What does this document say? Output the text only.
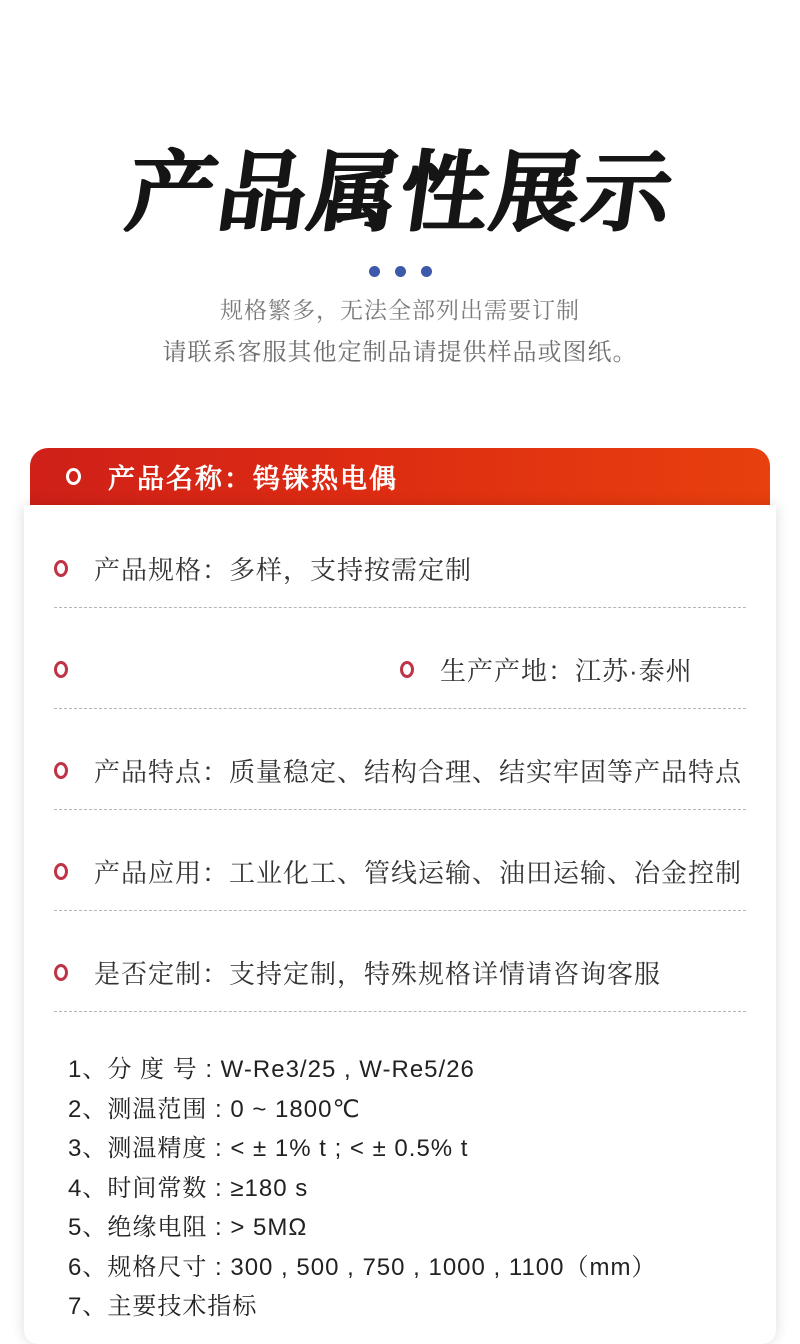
产品属性展示
规格繁多，无法全部列出需要订制
请联系客服其他定制品请提供样品或图纸。
产品名称：钨铼热电偶
产品规格：多样，支持按需定制
生产产地：江苏·泰州
产品特点：质量稳定、结构合理、结实牢固等产品特点
产品应用：工业化工、管线运输、油田运输、冶金控制
是否定制：支持定制，特殊规格详情请咨询客服
1、分 度 号 : W-Re3/25 , W-Re5/26
2、测温范围 : 0 ~ 1800℃
3、测温精度 : < ± 1% t ; < ± 0.5% t
4、时间常数 : ≥180 s
5、绝缘电阻 : > 5MΩ
6、规格尺寸 : 300 , 500 , 750 , 1000 , 1100（mm）
7、主要技术指标
